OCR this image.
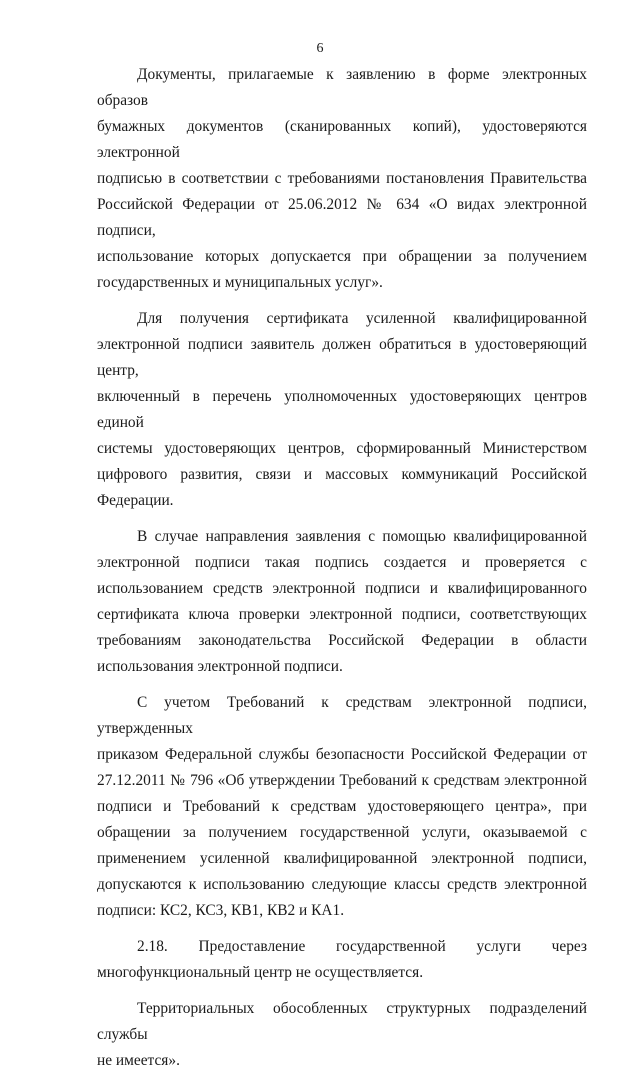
6

Документы, прилагаемые к заявлению в форме электронных образов
бумажных документов (сканированных копий), удостоверяются электронной
подписью в соответствии с требованиями постановления Правительства
Российской Федерации от 25.06.2012 № 634 «О видах электронной подписи,
использование которых допускается при обращении за получением
государственных и муниципальных услуг».

Для получения сертификата усиленной квалифицированной
электронной подписи заявитель должен обратиться в удостоверяющий центр,
включенный в перечень уполномоченных удостоверяющих центров единой
системы удостоверяющих центров, сформированный Министерством
цифрового развития, связи и массовых коммуникаций Российской
Федерации.

В случае направления заявления с помощью квалифицированной
электронной подписи такая подпись создается и проверяется с
использованием средств электронной подписи и квалифицированного
сертификата ключа проверки электронной подписи, соответствующих
требованиям законодательства Российской Федерации в области
использования электронной подписи.

С учетом Требований к средствам электронной подписи, утвержденных
приказом Федеральной службы безопасности Российской Федерации от
27.12.2011 № 796 «Об утверждении Требований к средствам электронной
подписи и Требований к средствам удостоверяющего центра», при
обращении за получением государственной услуги, оказываемой с
применением усиленной квалифицированной электронной подписи,
допускаются к использованию следующие классы средств электронной
подписи: КС2, КС3, КВ1, КВ2 и КА1.

2.18. Предоставление государственной услуги через
многофункциональный центр не осуществляется.

Территориальных обособленных структурных подразделений службы
не имеется».
